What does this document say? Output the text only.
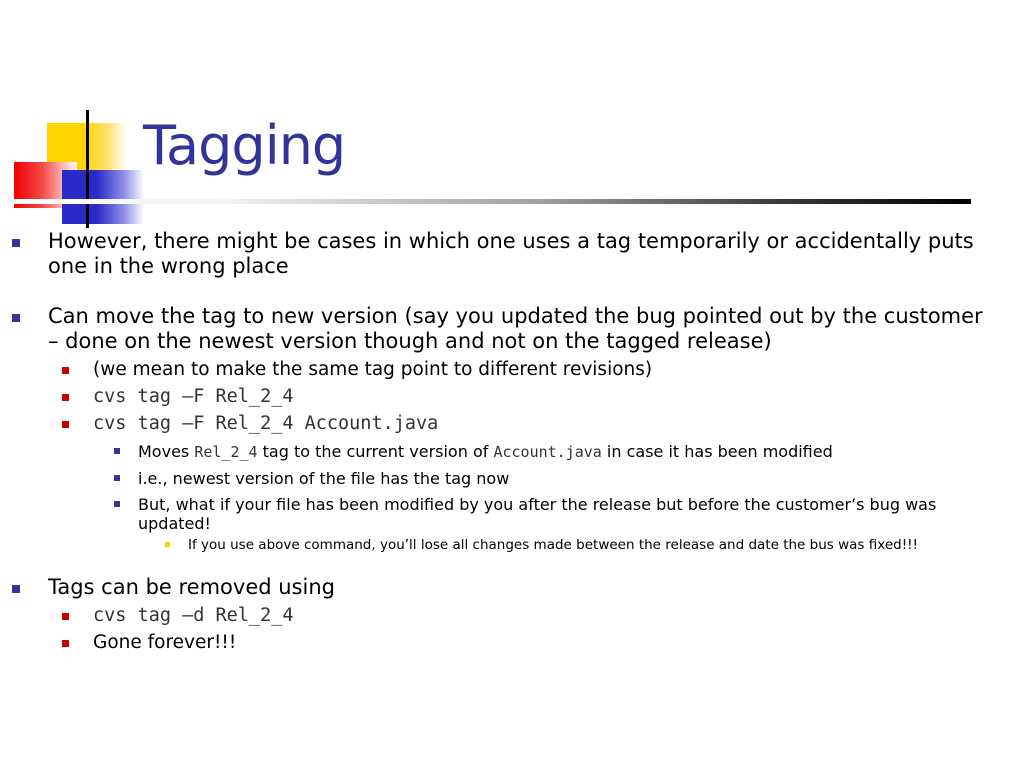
Tagging
However, there might be cases in which one uses a tag temporarily or accidentally puts one in the wrong place
Can move the tag to new version (say you updated the bug pointed out by the customer – done on the newest version though and not on the tagged release)
(we mean to make the same tag point to different revisions)
cvs tag –F Rel_2_4
cvs tag –F Rel_2_4 Account.java
Moves Rel_2_4 tag to the current version of Account.java in case it has been modified
i.e., newest version of the file has the tag now
But, what if your file has been modified by you after the release but before the customer’s bug was updated!
If you use above command, you’ll lose all changes made between the release and date the bus was fixed!!!
Tags can be removed using
cvs tag –d Rel_2_4
Gone forever!!!
